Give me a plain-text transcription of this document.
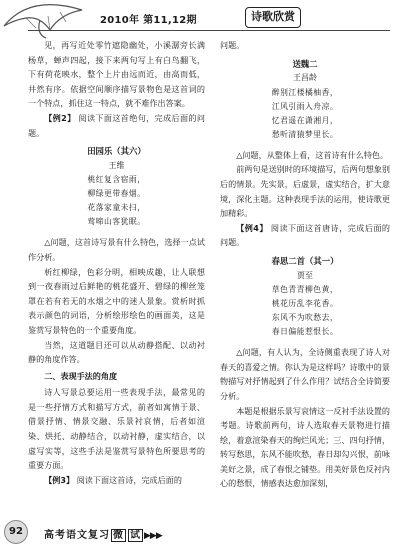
2010年 第11,12期	诗歌欣赏

见，再写近处零竹遮隐幽处，小溪潺旁长满杨草，蝉声四起，接下来两句写上有白鸟翻飞，下有荷花映水，整个上片由远而近，由高而低，井然有序。依据空间顺序描写景物色是这首词的一个特点，抓住这一特点，就不难作出答案。

【例2】 阅读下面这首绝句，完成后面的问题。

田园乐（其六）
王维
桃红复含宿雨，
柳绿更带春烟。
花落家童未扫，
莺啼山客犹眠。

△问题，这首诗写景有什么特色，选择一点试作分析。

析红柳绿，色彩分明，相映成趣，让人联想到一夜春雨过后鲜艳的桃花盛开、碧绿的柳丝笼罩在若有若无的水烟之中的迷人景象。赏析时抓表示颜色的词语，分析绘形绘色的画面美，这是鉴赏写景特色的一个重要角度。

当然，这道题目还可以从动静搭配、以动衬静的角度作答。

二、表现手法的角度

诗人写景总要运用一些表现手法，最常见的是一些抒情方式和描写方式，前者如寓情于景、借景抒情、情景交融、乐景衬哀情，后者如渲染、烘托、动静结合，以动衬静，虚实结合，以虚写实等，这些手法是鉴赏写景特色所要思考的重要方面。

【例3】 阅读下面这首诗，完成后面的

问题。

送魏二
王昌龄
醉别江楼橘柚香，
江风引雨入舟凉。
忆君遥在潇湘月，
愁听清猿梦里长。

△问题，从整体上看，这首诗有什么特色。

前两句是送别时的环境描写，后两句想象别后的情景。先实景，后虚景，虚实结合，扩大意境，深化主题。这种表现手法的运用，使诗歌更加精彩。

【例4】 阅读下面这首唐诗，完成后面的问题。

春思二首（其一）
贾至
草色青青柳色黄，
桃花历乱李花香。
东风不为吹愁去，
春日偏能惹恨长。

△问题，有人认为，全诗侧重表现了诗人对春天的喜爱之情。你认为是这样吗？诗歌中的景物描写对抒情起到了什么作用？试结合全诗简要分析。

本题是根据乐景写哀情这一反衬手法设置的考题。诗歌前两句，诗人选取春天景物进行描绘，着意渲染春天的绚烂风光；三、四句抒情，转写愁思，东风不能吹愁，春日却勾兴恨，前咏美好之景，成了春恨之铺垫。用美好景色反衬内心的愁恨，情感表达愈加深刻，

92	高考语文复习 微 试 ▶▶▶
